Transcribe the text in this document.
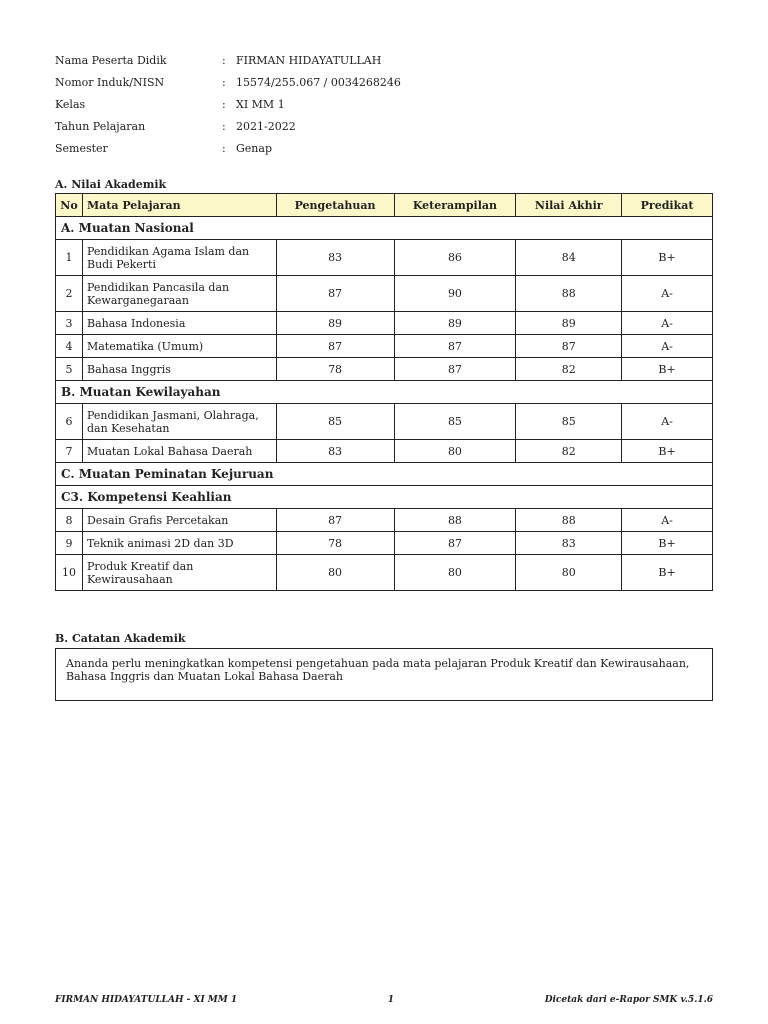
Nama Peserta Didik	: FIRMAN HIDAYATULLAH
Nomor Induk/NISN	: 15574/255.067 / 0034268246
Kelas	: XI MM 1
Tahun Pelajaran	: 2021-2022
Semester	: Genap
A. Nilai Akademik
No	Mata Pelajaran	Pengetahuan	Keterampilan	Nilai Akhir	Predikat
A. Muatan Nasional					
1	Pendidikan Agama Islam dan Budi Pekerti	83	86	84	B+
2	Pendidikan Pancasila dan Kewarganegaraan	87	90	88	A-
3	Bahasa Indonesia	89	89	89	A-
4	Matematika (Umum)	87	87	87	A-
5	Bahasa Inggris	78	87	82	B+
B. Muatan Kewilayahan					
6	Pendidikan Jasmani, Olahraga, dan Kesehatan	85	85	85	A-
7	Muatan Lokal Bahasa Daerah	83	80	82	B+
C. Muatan Peminatan Kejuruan					
C3. Kompetensi Keahlian					
8	Desain Grafis Percetakan	87	88	88	A-
9	Teknik animasi 2D dan 3D	78	87	83	B+
10	Produk Kreatif dan Kewirausahaan	80	80	80	B+
B. Catatan Akademik
Ananda perlu meningkatkan kompetensi pengetahuan pada mata pelajaran Produk Kreatif dan Kewirausahaan, Bahasa Inggris dan Muatan Lokal Bahasa Daerah
FIRMAN HIDAYATULLAH - XI MM 1	1	Dicetak dari e-Rapor SMK v.5.1.6
